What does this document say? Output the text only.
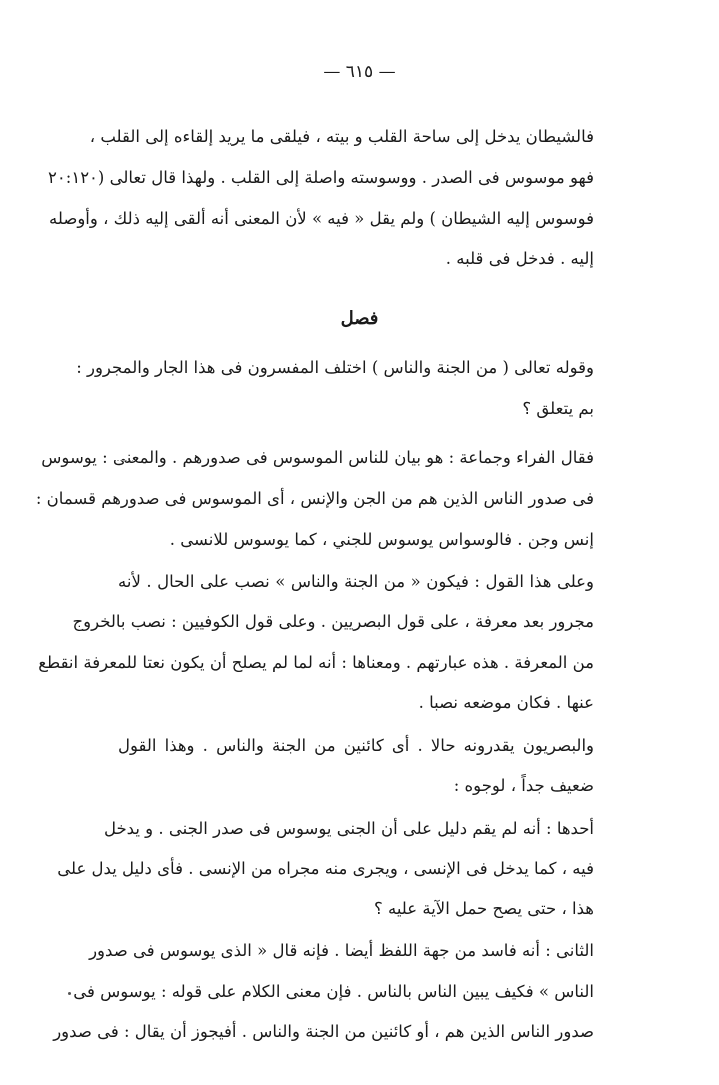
— ٦١٥ —
فالشيطان يدخل إلى ساحة القلب و بيته ، فيلقى ما يريد إلقاءه إلى القلب ،
فهو موسوس فى الصدر . ووسوسته واصلة إلى القلب . ولهذا قال تعالى (٢٠:١٢٠
فوسوس إليه الشيطان ) ولم يقل « فيه » لأن المعنى أنه ألقى إليه ذلك ، وأوصله
إليه . فدخل فى قلبه .
فصل
وقوله تعالى ( من الجنة والناس ) اختلف المفسرون فى هذا الجار والمجرور :
بم يتعلق ؟
فقال الفراء وجماعة : هو بيان للناس الموسوس فى صدورهم . والمعنى : يوسوس
فى صدور الناس الذين هم من الجن والإنس ، أى الموسوس فى صدورهم قسمان :
إنس وجن . فالوسواس يوسوس للجني ، كما يوسوس للانسى .
وعلى هذا القول : فيكون « من الجنة والناس » نصب على الحال . لأنه
مجرور بعد معرفة ، على قول البصريين . وعلى قول الكوفيين : نصب بالخروج
من المعرفة . هذه عبارتهم . ومعناها : أنه لما لم يصلح أن يكون نعتا للمعرفة انقطع
عنها . فكان موضعه نصبا .
والبصريون يقدرونه حالا . أى كائنين من الجنة والناس . وهذا القول
ضعيف جداً ، لوجوه :
أحدها : أنه لم يقم دليل على أن الجنى يوسوس فى صدر الجنى . و يدخل
فيه ، كما يدخل فى الإنسى ، ويجرى منه مجراه من الإنسى . فأى دليل يدل على
هذا ، حتى يصح حمل الآية عليه ؟
الثانى : أنه فاسد من جهة اللفظ أيضا . فإنه قال « الذى يوسوس فى صدور
الناس » فكيف يبين الناس بالناس . فإن معنى الكلام على قوله : يوسوس فى
صدور الناس الذين هم ، أو كائنين من الجنة والناس . أفيجوز أن يقال : فى صدور
